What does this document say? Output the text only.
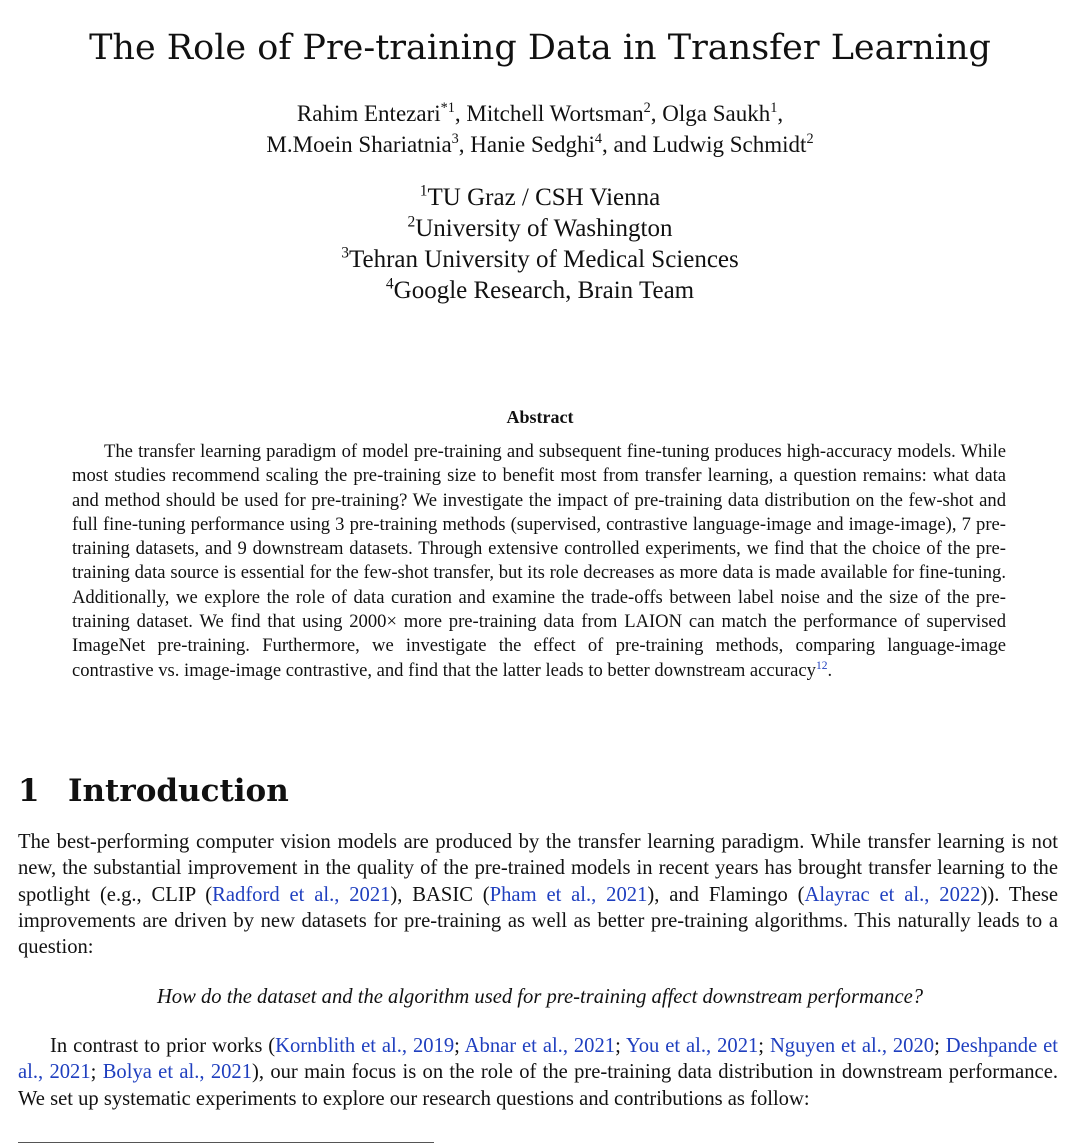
The Role of Pre-training Data in Transfer Learning
Rahim Entezari$^{*1}$, Mitchell Wortsman$^2$, Olga Saukh$^1$,
M.Moein Shariatnia$^3$, Hanie Sedghi$^4$, and Ludwig Schmidt$^2$
$^1$TU Graz / CSH Vienna
$^2$University of Washington
$^3$Tehran University of Medical Sciences
$^4$Google Research, Brain Team
Abstract
The transfer learning paradigm of model pre-training and subsequent fine-tuning produces high-accuracy models. While most studies recommend scaling the pre-training size to benefit most from transfer learning, a question remains: what data and method should be used for pre-training? We investigate the impact of pre-training data distribution on the few-shot and full fine-tuning performance using 3 pre-training methods (supervised, contrastive language-image and image-image), 7 pre-training datasets, and 9 downstream datasets. Through extensive controlled experiments, we find that the choice of the pre-training data source is essential for the few-shot transfer, but its role decreases as more data is made available for fine-tuning. Additionally, we explore the role of data curation and examine the trade-offs between label noise and the size of the pre-training dataset. We find that using 2000× more pre-training data from LAION can match the performance of supervised ImageNet pre-training. Furthermore, we investigate the effect of pre-training methods, comparing language-image contrastive vs. image-image contrastive, and find that the latter leads to better downstream accuracy$^{12}$.
1 Introduction
The best-performing computer vision models are produced by the transfer learning paradigm. While transfer learning is not new, the substantial improvement in the quality of the pre-trained models in recent years has brought transfer learning to the spotlight (e.g., CLIP (Radford et al., 2021), BASIC (Pham et al., 2021), and Flamingo (Alayrac et al., 2022)). These improvements are driven by new datasets for pre-training as well as better pre-training algorithms. This naturally leads to a question:
How do the dataset and the algorithm used for pre-training affect downstream performance?
In contrast to prior works (Kornblith et al., 2019; Abnar et al., 2021; You et al., 2021; Nguyen et al., 2020; Deshpande et al., 2021; Bolya et al., 2021), our main focus is on the role of the pre-training data distribution in downstream performance. We set up systematic experiments to explore our research questions and contributions as follow:
